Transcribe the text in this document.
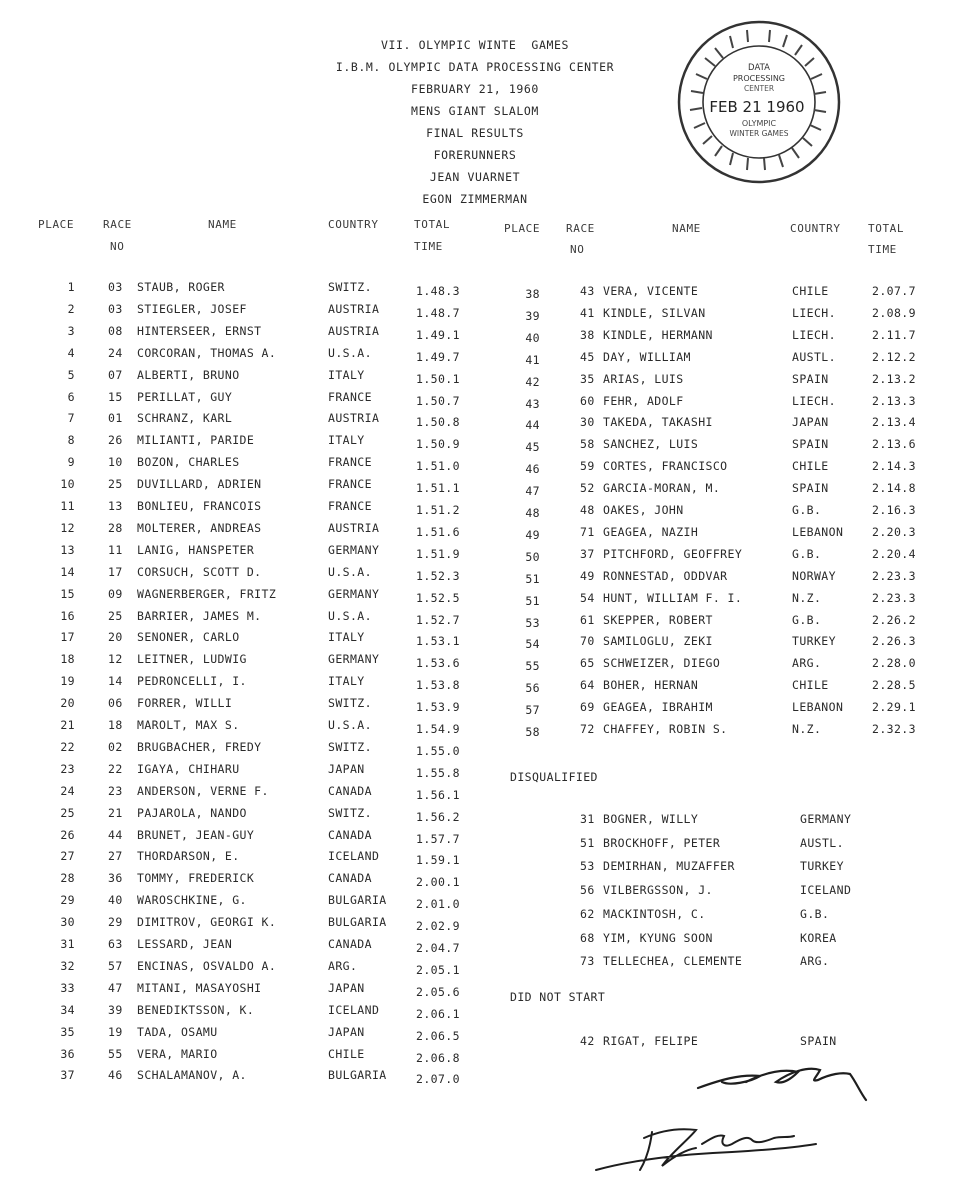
VII. OLYMPIC WINTE  GAMES
I.B.M. OLYMPIC DATA PROCESSING CENTER
FEBRUARY 21, 1960
MENS GIANT SLALOM
FINAL RESULTS
FORERUNNERS
JEAN VUARNET
EGON ZIMMERMAN
DATA
PROCESSING
CENTER
FEB 21 1960
OLYMPIC
WINTER GAMES
PLACE	RACE
NO
NAME	COUNTRY	TOTAL
TIME
PLACE RACE
NO
NAME	COUNTRY TOTAL
TIME
1	03 STAUB, ROGER	SWITZ.	1.48.3
2	03 STIEGLER, JOSEF	AUSTRIA	1.48.7
3	08 HINTERSEER, ERNST	AUSTRIA	1.49.1
4	24 CORCORAN, THOMAS A.	U.S.A.	1.49.7
5	07 ALBERTI, BRUNO	ITALY	1.50.1
6	15 PERILLAT, GUY	FRANCE	1.50.7
7	01 SCHRANZ, KARL	AUSTRIA	1.50.8
8	26 MILIANTI, PARIDE	ITALY	1.50.9
9	10 BOZON, CHARLES	FRANCE	1.51.0
10	25 DUVILLARD, ADRIEN	FRANCE	1.51.1
11	13 BONLIEU, FRANCOIS	FRANCE	1.51.2
12	28 MOLTERER, ANDREAS	AUSTRIA	1.51.6
13	11 LANIG, HANSPETER	GERMANY	1.51.9
14	17 CORSUCH, SCOTT D.	U.S.A.	1.52.3
15	09 WAGNERBERGER, FRITZ	GERMANY	1.52.5
16	25 BARRIER, JAMES M.	U.S.A.	1.52.7
17	20 SENONER, CARLO	ITALY	1.53.1
18	12 LEITNER, LUDWIG	GERMANY	1.53.6
19	14 PEDRONCELLI, I.	ITALY	1.53.8
20	06 FORRER, WILLI	SWITZ.	1.53.9
21	18 MAROLT, MAX S.	U.S.A.	1.54.9
22	02 BRUGBACHER, FREDY	SWITZ.	1.55.0
23	22 IGAYA, CHIHARU	JAPAN	1.55.8
24	23 ANDERSON, VERNE F.	CANADA	1.56.1
25	21 PAJAROLA, NANDO	SWITZ.	1.56.2
26	44 BRUNET, JEAN-GUY	CANADA	1.57.7
27	27 THORDARSON, E.	ICELAND	1.59.1
28	36 TOMMY, FREDERICK	CANADA	2.00.1
29	40 WAROSCHKINE, G.	BULGARIA	2.01.0
30	29 DIMITROV, GEORGI K.	BULGARIA	2.02.9
31	63 LESSARD, JEAN	CANADA	2.04.7
32	57 ENCINAS, OSVALDO A.	ARG.	2.05.1
33	47 MITANI, MASAYOSHI	JAPAN	2.05.6
34	39 BENEDIKTSSON, K.	ICELAND	2.06.1
35	19 TADA, OSAMU	JAPAN	2.06.5
36	55 VERA, MARIO	CHILE	2.06.8
37	46 SCHALAMANOV, A.	BULGARIA	2.07.0
38	43 VERA, VICENTE	CHILE	2.07.7
39	41 KINDLE, SILVAN	LIECH.	2.08.9
40	38 KINDLE, HERMANN	LIECH.	2.11.7
41	45 DAY, WILLIAM	AUSTL.	2.12.2
42	35 ARIAS, LUIS	SPAIN	2.13.2
43	60 FEHR, ADOLF	LIECH.	2.13.3
44	30 TAKEDA, TAKASHI	JAPAN	2.13.4
45	58 SANCHEZ, LUIS	SPAIN	2.13.6
46	59 CORTES, FRANCISCO	CHILE	2.14.3
47	52 GARCIA-MORAN, M.	SPAIN	2.14.8
48	48 OAKES, JOHN	G.B.	2.16.3
49	71 GEAGEA, NAZIH	LEBANON 2.20.3
50	37 PITCHFORD, GEOFFREY	G.B.	2.20.4
51	49 RONNESTAD, ODDVAR	NORWAY	2.23.3
51	54 HUNT, WILLIAM F. I.	N.Z.	2.23.3
53	61 SKEPPER, ROBERT	G.B.	2.26.2
54	70 SAMILOGLU, ZEKI	TURKEY	2.26.3
55	65 SCHWEIZER, DIEGO	ARG.	2.28.0
56	64 BOHER, HERNAN	CHILE	2.28.5
57	69 GEAGEA, IBRAHIM	LEBANON 2.29.1
58	72 CHAFFEY, ROBIN S.	N.Z.	2.32.3
DISQUALIFIED
31 BOGNER, WILLY	GERMANY
51 BROCKHOFF, PETER	AUSTL.
53 DEMIRHAN, MUZAFFER	TURKEY
56 VILBERGSSON, J.	ICELAND
62 MACKINTOSH, C.	G.B.
68 YIM, KYUNG SOON	KOREA
73 TELLECHEA, CLEMENTE	ARG.
DID NOT START
42 RIGAT, FELIPE	SPAIN
